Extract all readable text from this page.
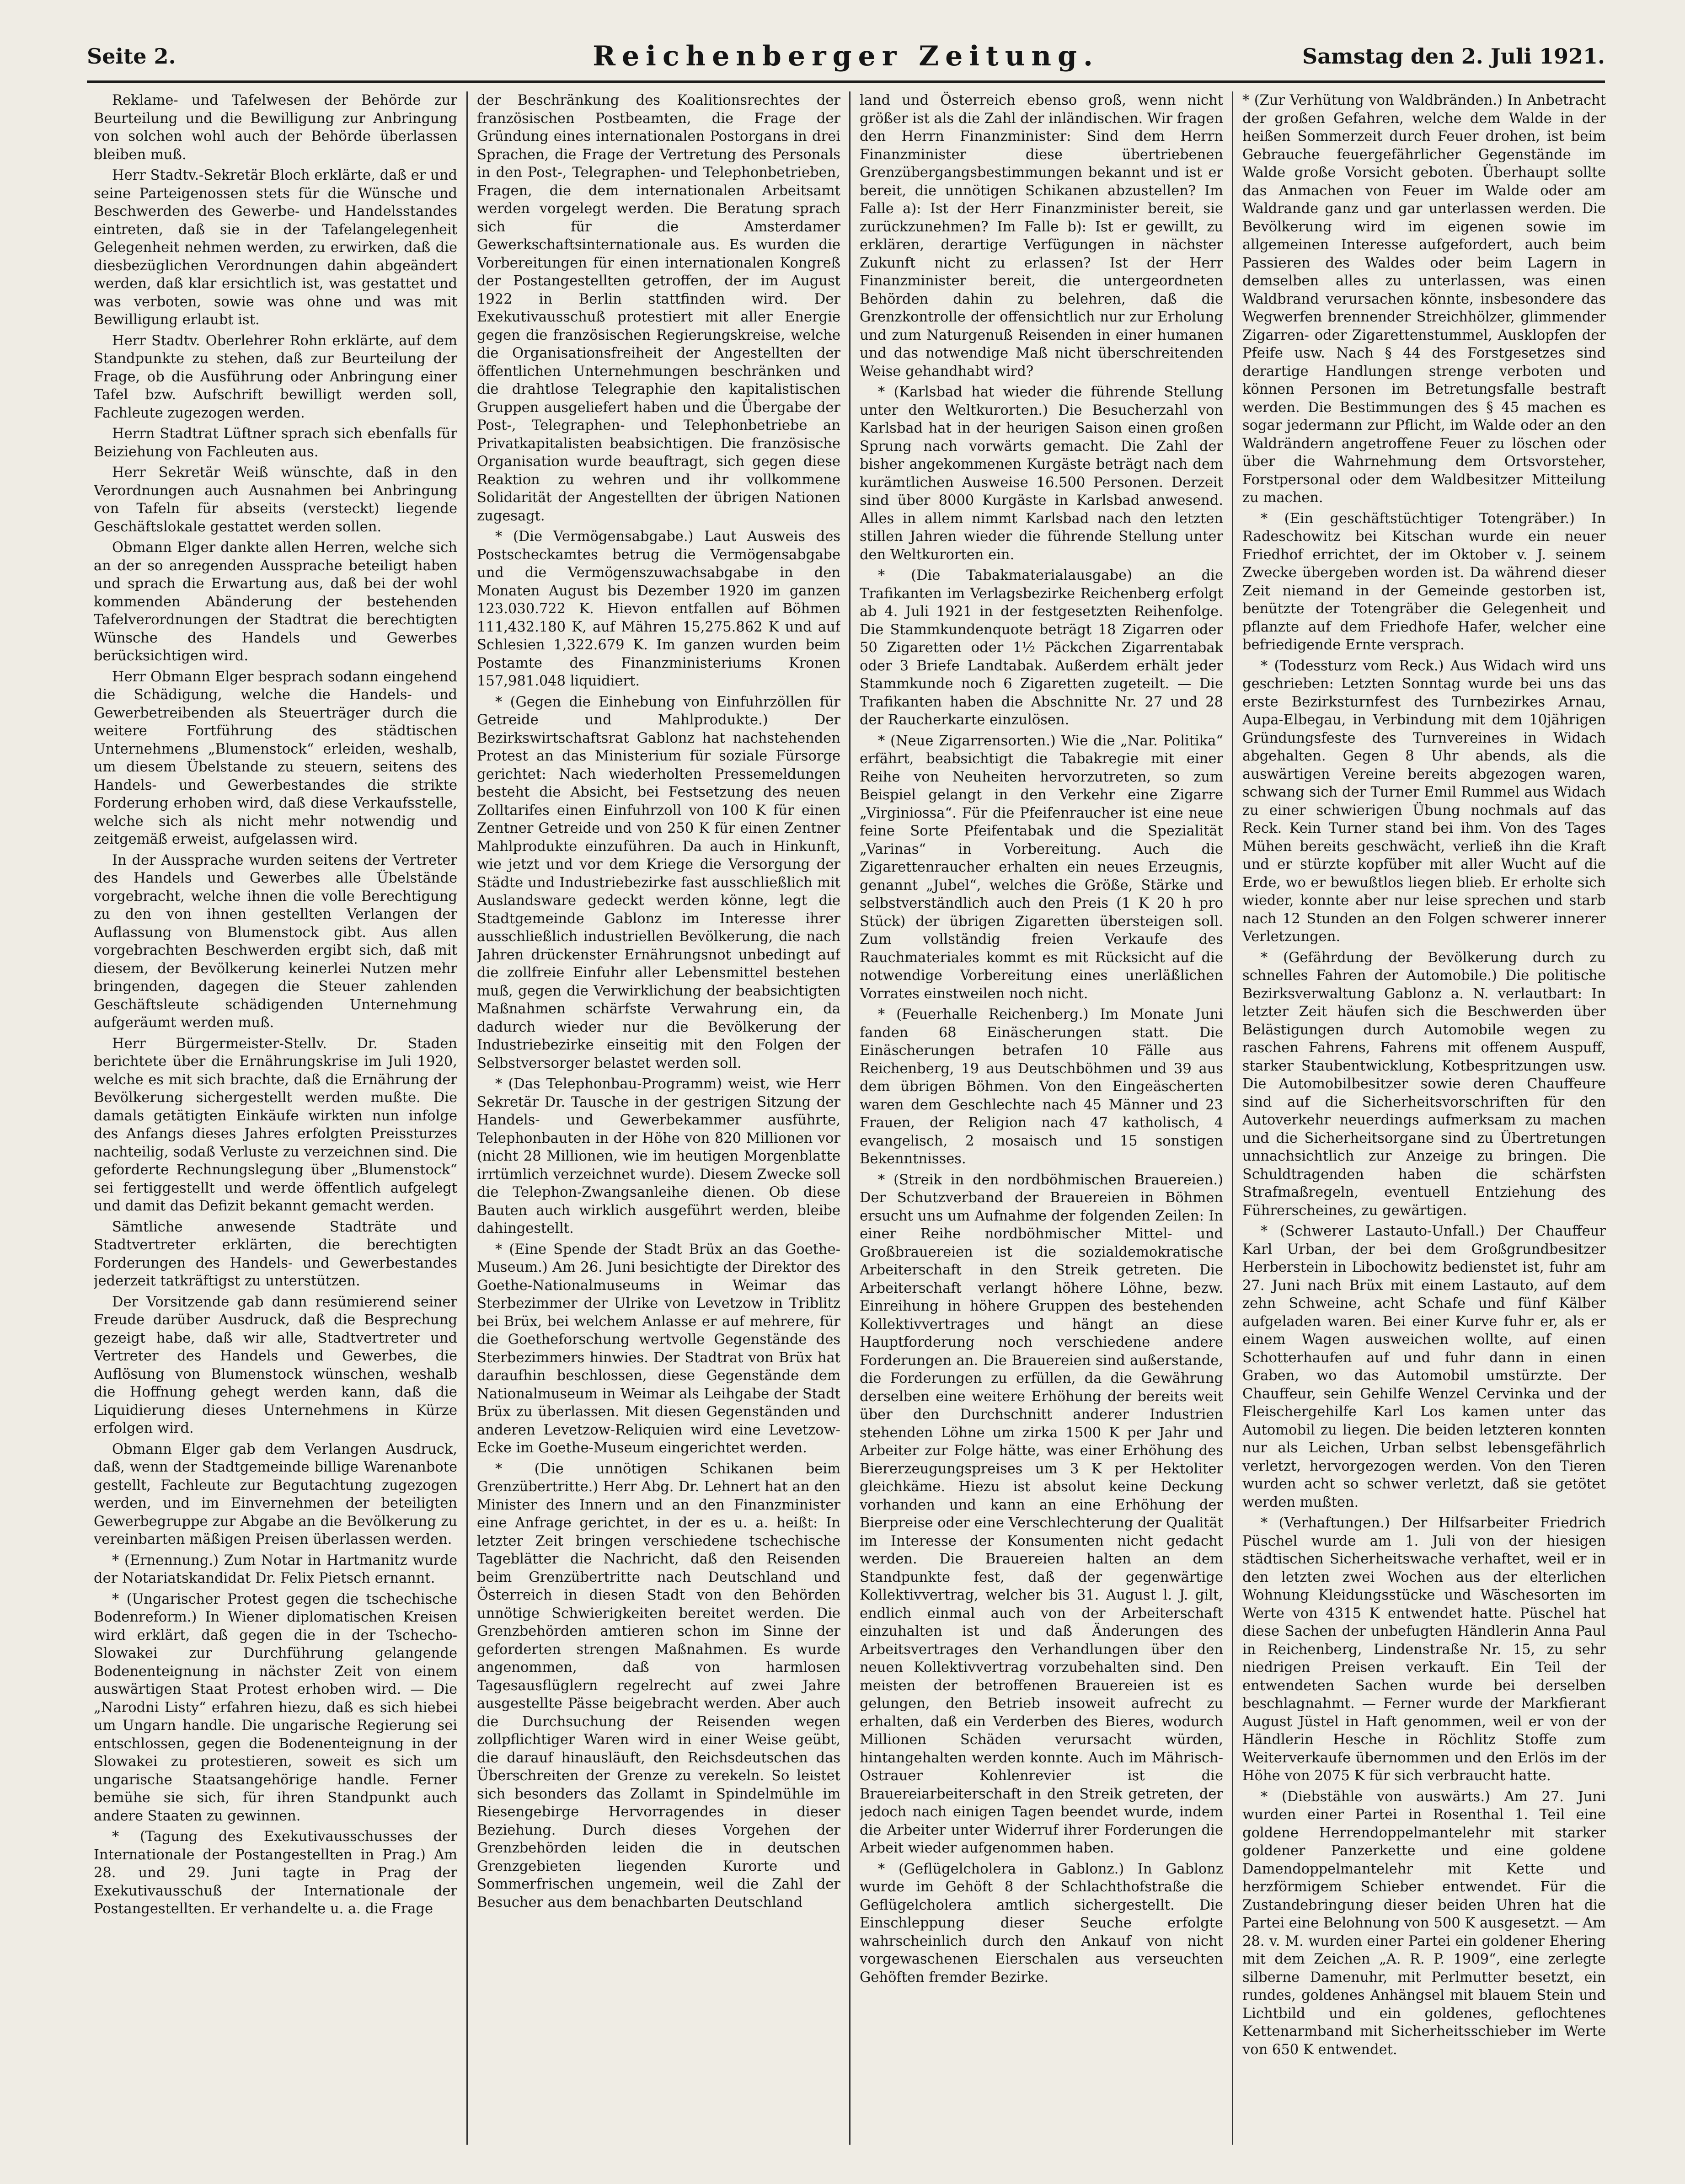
Seite 2.	Reichenberger Zeitung.	Samstag den 2. Juli 1921.

Reklame- und Tafelwesen der Behörde zur Beurteilung und die Bewilligung zur Anbringung von solchen wohl auch der Behörde überlassen bleiben muß.

Herr Stadtv.-Sekretär Bloch erklärte, daß er und seine Parteigenossen stets für die Wünsche und Beschwerden des Gewerbe- und Handelsstandes eintreten, daß sie in der Tafelangelegenheit Gelegenheit nehmen werden, zu erwirken, daß die diesbezüglichen Verordnungen dahin abgeändert werden, daß klar ersichtlich ist, was gestattet und was verboten, sowie was ohne und was mit Bewilligung erlaubt ist.

Herr Stadtv. Oberlehrer Rohn erklärte, auf dem Standpunkte zu stehen, daß zur Beurteilung der Frage, ob die Ausführung oder Anbringung einer Tafel bzw. Aufschrift bewilligt werden soll, Fachleute zugezogen werden.

Herrn Stadtrat Lüftner sprach sich ebenfalls für Beiziehung von Fachleuten aus.

Herr Sekretär Weiß wünschte, daß in den Verordnungen auch Ausnahmen bei Anbringung von Tafeln für abseits (versteckt) liegende Geschäftslokale gestattet werden sollen.

Obmann Elger dankte allen Herren, welche sich an der so anregenden Aussprache beteiligt haben und sprach die Erwartung aus, daß bei der wohl kommenden Abänderung der bestehenden Tafelverordnungen der Stadtrat die berechtigten Wünsche des Handels und Gewerbes berücksichtigen wird.

Herr Obmann Elger besprach sodann eingehend die Schädigung, welche die Handels- und Gewerbetreibenden als Steuerträger durch die weitere Fortführung des städtischen Unternehmens „Blumenstock“ erleiden, weshalb, um diesem Übelstande zu steuern, seitens des Handels- und Gewerbestandes die strikte Forderung erhoben wird, daß diese Verkaufsstelle, welche sich als nicht mehr notwendig und zeitgemäß erweist, aufgelassen wird.

In der Aussprache wurden seitens der Vertreter des Handels und Gewerbes alle Übelstände vorgebracht, welche ihnen die volle Berechtigung zu den von ihnen gestellten Verlangen der Auflassung von Blumenstock gibt. Aus allen vorgebrachten Beschwerden ergibt sich, daß mit diesem, der Bevölkerung keinerlei Nutzen mehr bringenden, dagegen die Steuer zahlenden Geschäftsleute schädigenden Unternehmung aufgeräumt werden muß.

Herr Bürgermeister-Stellv. Dr. Staden berichtete über die Ernährungskrise im Juli 1920, welche es mit sich brachte, daß die Ernährung der Bevölkerung sichergestellt werden mußte. Die damals getätigten Einkäufe wirkten nun infolge des Anfangs dieses Jahres erfolgten Preissturzes nachteilig, sodaß Verluste zu verzeichnen sind. Die geforderte Rechnungslegung über „Blumenstock“ sei fertiggestellt und werde öffentlich aufgelegt und damit das Defizit bekannt gemacht werden.

Sämtliche anwesende Stadträte und Stadtvertreter erklärten, die berechtigten Forderungen des Handels- und Gewerbestandes jederzeit tatkräftigst zu unterstützen.

Der Vorsitzende gab dann resümierend seiner Freude darüber Ausdruck, daß die Besprechung gezeigt habe, daß wir alle, Stadtvertreter und Vertreter des Handels und Gewerbes, die Auflösung von Blumenstock wünschen, weshalb die Hoffnung gehegt werden kann, daß die Liquidierung dieses Unternehmens in Kürze erfolgen wird.

Obmann Elger gab dem Verlangen Ausdruck, daß, wenn der Stadtgemeinde billige Warenanbote gestellt, Fachleute zur Begutachtung zugezogen werden, und im Einvernehmen der beteiligten Gewerbegruppe zur Abgabe an die Bevölkerung zu vereinbarten mäßigen Preisen überlassen werden.

* (Ernennung.) Zum Notar in Hartmanitz wurde der Notariatskandidat Dr. Felix Pietsch ernannt.

* (Ungarischer Protest gegen die tschechische Bodenreform.) In Wiener diplomatischen Kreisen wird erklärt, daß gegen die in der Tschecho-Slowakei zur Durchführung gelangende Bodenenteignung in nächster Zeit von einem auswärtigen Staat Protest erhoben wird. — Die „Narodni Listy“ erfahren hiezu, daß es sich hiebei um Ungarn handle. Die ungarische Regierung sei entschlossen, gegen die Bodenenteignung in der Slowakei zu protestieren, soweit es sich um ungarische Staatsangehörige handle. Ferner bemühe sie sich, für ihren Standpunkt auch andere Staaten zu gewinnen.

* (Tagung des Exekutivausschusses der Internationale der Postangestellten in Prag.) Am 28. und 29. Juni tagte in Prag der Exekutivausschuß der Internationale der Postangestellten. Er verhandelte u. a. die Frage

der Beschränkung des Koalitionsrechtes der französischen Postbeamten, die Frage der Gründung eines internationalen Postorgans in drei Sprachen, die Frage der Vertretung des Personals in den Post-, Telegraphen- und Telephonbetrieben, Fragen, die dem internationalen Arbeitsamt werden vorgelegt werden. Die Beratung sprach sich für die Amsterdamer Gewerkschaftsinternationale aus. Es wurden die Vorbereitungen für einen internationalen Kongreß der Postangestellten getroffen, der im August 1922 in Berlin stattfinden wird. Der Exekutivausschuß protestiert mit aller Energie gegen die französischen Regierungskreise, welche die Organisationsfreiheit der Angestellten der öffentlichen Unternehmungen beschränken und die drahtlose Telegraphie den kapitalistischen Gruppen ausgeliefert haben und die Übergabe der Post-, Telegraphen- und Telephonbetriebe an Privatkapitalisten beabsichtigen. Die französische Organisation wurde beauftragt, sich gegen diese Reaktion zu wehren und ihr vollkommene Solidarität der Angestellten der übrigen Nationen zugesagt.

* (Die Vermögensabgabe.) Laut Ausweis des Postscheckamtes betrug die Vermögensabgabe und die Vermögenszuwachsabgabe in den Monaten August bis Dezember 1920 im ganzen 123.030.722 K. Hievon entfallen auf Böhmen 111,432.180 K, auf Mähren 15,275.862 K und auf Schlesien 1,322.679 K. Im ganzen wurden beim Postamte des Finanzministeriums Kronen 157,981.048 liquidiert.

* (Gegen die Einhebung von Einfuhrzöllen für Getreide und Mahlprodukte.) Der Bezirkswirtschaftsrat Gablonz hat nachstehenden Protest an das Ministerium für soziale Fürsorge gerichtet: Nach wiederholten Pressemeldungen besteht die Absicht, bei Festsetzung des neuen Zolltarifes einen Einfuhrzoll von 100 K für einen Zentner Getreide und von 250 K für einen Zentner Mahlprodukte einzuführen. Da auch in Hinkunft, wie jetzt und vor dem Kriege die Versorgung der Städte und Industriebezirke fast ausschließlich mit Auslandsware gedeckt werden könne, legt die Stadtgemeinde Gablonz im Interesse ihrer ausschließlich industriellen Bevölkerung, die nach Jahren drückenster Ernährungsnot unbedingt auf die zollfreie Einfuhr aller Lebensmittel bestehen muß, gegen die Verwirklichung der beabsichtigten Maßnahmen schärfste Verwahrung ein, da dadurch wieder nur die Bevölkerung der Industriebezirke einseitig mit den Folgen der Selbstversorger belastet werden soll.

* (Das Telephonbau-Programm) weist, wie Herr Sekretär Dr. Tausche in der gestrigen Sitzung der Handels- und Gewerbekammer ausführte, Telephonbauten in der Höhe von 820 Millionen vor (nicht 28 Millionen, wie im heutigen Morgenblatte irrtümlich verzeichnet wurde). Diesem Zwecke soll die Telephon-Zwangsanleihe dienen. Ob diese Bauten auch wirklich ausgeführt werden, bleibe dahingestellt.

* (Eine Spende der Stadt Brüx an das Goethe-Museum.) Am 26. Juni besichtigte der Direktor des Goethe-Nationalmuseums in Weimar das Sterbezimmer der Ulrike von Levetzow in Triblitz bei Brüx, bei welchem Anlasse er auf mehrere, für die Goetheforschung wertvolle Gegenstände des Sterbezimmers hinwies. Der Stadtrat von Brüx hat daraufhin beschlossen, diese Gegenstände dem Nationalmuseum in Weimar als Leihgabe der Stadt Brüx zu überlassen. Mit diesen Gegenständen und anderen Levetzow-Reliquien wird eine Levetzow-Ecke im Goethe-Museum eingerichtet werden.

* (Die unnötigen Schikanen beim Grenzübertritte.) Herr Abg. Dr. Lehnert hat an den Minister des Innern und an den Finanzminister eine Anfrage gerichtet, in der es u. a. heißt: In letzter Zeit bringen verschiedene tschechische Tageblätter die Nachricht, daß den Reisenden beim Grenzübertritte nach Deutschland und Österreich in diesen Stadt von den Behörden unnötige Schwierigkeiten bereitet werden. Die Grenzbehörden amtieren schon im Sinne der geforderten strengen Maßnahmen. Es wurde angenommen, daß von harmlosen Tagesausflüglern regelrecht auf zwei Jahre ausgestellte Pässe beigebracht werden. Aber auch die Durchsuchung der Reisenden wegen zollpflichtiger Waren wird in einer Weise geübt, die darauf hinausläuft, den Reichsdeutschen das Überschreiten der Grenze zu verekeln. So leistet sich besonders das Zollamt in Spindelmühle im Riesengebirge Hervorragendes in dieser Beziehung. Durch dieses Vorgehen der Grenzbehörden leiden die in deutschen Grenzgebieten liegenden Kurorte und Sommerfrischen ungemein, weil die Zahl der Besucher aus dem benachbarten Deutschland

land und Österreich ebenso groß, wenn nicht größer ist als die Zahl der inländischen. Wir fragen den Herrn Finanzminister: Sind dem Herrn Finanzminister diese übertriebenen Grenzübergangsbestimmungen bekannt und ist er bereit, die unnötigen Schikanen abzustellen? Im Falle a): Ist der Herr Finanzminister bereit, sie zurückzunehmen? Im Falle b): Ist er gewillt, zu erklären, derartige Verfügungen in nächster Zukunft nicht zu erlassen? Ist der Herr Finanzminister bereit, die untergeordneten Behörden dahin zu belehren, daß die Grenzkontrolle der offensichtlich nur zur Erholung und zum Naturgenuß Reisenden in einer humanen und das notwendige Maß nicht überschreitenden Weise gehandhabt wird?

* (Karlsbad hat wieder die führende Stellung unter den Weltkurorten.) Die Besucherzahl von Karlsbad hat in der heurigen Saison einen großen Sprung nach vorwärts gemacht. Die Zahl der bisher angekommenen Kurgäste beträgt nach dem kurämtlichen Ausweise 16.500 Personen. Derzeit sind über 8000 Kurgäste in Karlsbad anwesend. Alles in allem nimmt Karlsbad nach den letzten stillen Jahren wieder die führende Stellung unter den Weltkurorten ein.

* (Die Tabakmaterialausgabe) an die Trafikanten im Verlagsbezirke Reichenberg erfolgt ab 4. Juli 1921 in der festgesetzten Reihenfolge. Die Stammkundenquote beträgt 18 Zigarren oder 50 Zigaretten oder 1½ Päckchen Zigarrentabak oder 3 Briefe Landtabak. Außerdem erhält jeder Stammkunde noch 6 Zigaretten zugeteilt. — Die Trafikanten haben die Abschnitte Nr. 27 und 28 der Raucherkarte einzulösen.

* (Neue Zigarrensorten.) Wie die „Nar. Politika“ erfährt, beabsichtigt die Tabakregie mit einer Reihe von Neuheiten hervorzutreten, so zum Beispiel gelangt in den Verkehr eine Zigarre „Virginiossa“. Für die Pfeifenraucher ist eine neue feine Sorte Pfeifentabak und die Spezialität „Varinas“ in Vorbereitung. Auch die Zigarettenraucher erhalten ein neues Erzeugnis, genannt „Jubel“, welches die Größe, Stärke und selbstverständlich auch den Preis (1 K 20 h pro Stück) der übrigen Zigaretten übersteigen soll. Zum vollständig freien Verkaufe des Rauchmateriales kommt es mit Rücksicht auf die notwendige Vorbereitung eines unerläßlichen Vorrates einstweilen noch nicht.

* (Feuerhalle Reichenberg.) Im Monate Juni fanden 68 Einäscherungen statt. Die Einäscherungen betrafen 10 Fälle aus Reichenberg, 19 aus Deutschböhmen und 39 aus dem übrigen Böhmen. Von den Eingeäscherten waren dem Geschlechte nach 45 Männer und 23 Frauen, der Religion nach 47 katholisch, 4 evangelisch, 2 mosaisch und 15 sonstigen Bekenntnisses.

* (Streik in den nordböhmischen Brauereien.) Der Schutzverband der Brauereien in Böhmen ersucht uns um Aufnahme der folgenden Zeilen: In einer Reihe nordböhmischer Mittel- und Großbrauereien ist die sozialdemokratische Arbeiterschaft in den Streik getreten. Die Arbeiterschaft verlangt höhere Löhne, bezw. Einreihung in höhere Gruppen des bestehenden Kollektivvertrages und hängt an diese Hauptforderung noch verschiedene andere Forderungen an. Die Brauereien sind außerstande, die Forderungen zu erfüllen, da die Gewährung derselben eine weitere Erhöhung der bereits weit über den Durchschnitt anderer Industrien stehenden Löhne um zirka 1500 K per Jahr und Arbeiter zur Folge hätte, was einer Erhöhung des Biererzeugungspreises um 3 K per Hektoliter gleichkäme. Hiezu ist absolut keine Deckung vorhanden und kann an eine Erhöhung der Bierpreise oder eine Verschlechterung der Qualität im Interesse der Konsumenten nicht gedacht werden. Die Brauereien halten an dem Standpunkte fest, daß der gegenwärtige Kollektivvertrag, welcher bis 31. August l. J. gilt, endlich einmal auch von der Arbeiterschaft einzuhalten ist und daß Änderungen des Arbeitsvertrages den Verhandlungen über den neuen Kollektivvertrag vorzubehalten sind. Den meisten der betroffenen Brauereien ist es gelungen, den Betrieb insoweit aufrecht zu erhalten, daß ein Verderben des Bieres, wodurch Millionen Schäden verursacht würden, hintangehalten werden konnte. Auch im Mährisch-Ostrauer Kohlenrevier ist die Brauereiarbeiterschaft in den Streik getreten, der jedoch nach einigen Tagen beendet wurde, indem die Arbeiter unter Widerruf ihrer Forderungen die Arbeit wieder aufgenommen haben.

* (Geflügelcholera in Gablonz.) In Gablonz wurde im Gehöft 8 der Schlachthofstraße die Geflügelcholera amtlich sichergestellt. Die Einschleppung dieser Seuche erfolgte wahrscheinlich durch den Ankauf von nicht vorgewaschenen Eierschalen aus verseuchten Gehöften fremder Bezirke.

* (Zur Verhütung von Waldbränden.) In Anbetracht der großen Gefahren, welche dem Walde in der heißen Sommerzeit durch Feuer drohen, ist beim Gebrauche feuergefährlicher Gegenstände im Walde große Vorsicht geboten. Überhaupt sollte das Anmachen von Feuer im Walde oder am Waldrande ganz und gar unterlassen werden. Die Bevölkerung wird im eigenen sowie im allgemeinen Interesse aufgefordert, auch beim Passieren des Waldes oder beim Lagern in demselben alles zu unterlassen, was einen Waldbrand verursachen könnte, insbesondere das Wegwerfen brennender Streichhölzer, glimmender Zigarren- oder Zigarettenstummel, Ausklopfen der Pfeife usw. Nach § 44 des Forstgesetzes sind derartige Handlungen strenge verboten und können Personen im Betretungsfalle bestraft werden. Die Bestimmungen des § 45 machen es sogar jedermann zur Pflicht, im Walde oder an den Waldrändern angetroffene Feuer zu löschen oder über die Wahrnehmung dem Ortsvorsteher, Forstpersonal oder dem Waldbesitzer Mitteilung zu machen.

* (Ein geschäftstüchtiger Totengräber.) In Radeschowitz bei Kitschan wurde ein neuer Friedhof errichtet, der im Oktober v. J. seinem Zwecke übergeben worden ist. Da während dieser Zeit niemand in der Gemeinde gestorben ist, benützte der Totengräber die Gelegenheit und pflanzte auf dem Friedhofe Hafer, welcher eine befriedigende Ernte versprach.

* (Todessturz vom Reck.) Aus Widach wird uns geschrieben: Letzten Sonntag wurde bei uns das erste Bezirksturnfest des Turnbezirkes Arnau, Aupa-Elbegau, in Verbindung mit dem 10jährigen Gründungsfeste des Turnvereines in Widach abgehalten. Gegen 8 Uhr abends, als die auswärtigen Vereine bereits abgezogen waren, schwang sich der Turner Emil Rummel aus Widach zu einer schwierigen Übung nochmals auf das Reck. Kein Turner stand bei ihm. Von des Tages Mühen bereits geschwächt, verließ ihn die Kraft und er stürzte kopfüber mit aller Wucht auf die Erde, wo er bewußtlos liegen blieb. Er erholte sich wieder, konnte aber nur leise sprechen und starb nach 12 Stunden an den Folgen schwerer innerer Verletzungen.

* (Gefährdung der Bevölkerung durch zu schnelles Fahren der Automobile.) Die politische Bezirksverwaltung Gablonz a. N. verlautbart: In letzter Zeit häufen sich die Beschwerden über Belästigungen durch Automobile wegen zu raschen Fahrens, Fahrens mit offenem Auspuff, starker Staubentwicklung, Kotbespritzungen usw. Die Automobilbesitzer sowie deren Chauffeure sind auf die Sicherheitsvorschriften für den Autoverkehr neuerdings aufmerksam zu machen und die Sicherheitsorgane sind zu Übertretungen unnachsichtlich zur Anzeige zu bringen. Die Schuldtragenden haben die schärfsten Strafmaßregeln, eventuell Entziehung des Führerscheines, zu gewärtigen.

* (Schwerer Lastauto-Unfall.) Der Chauffeur Karl Urban, der bei dem Großgrundbesitzer Herberstein in Libochowitz bedienstet ist, fuhr am 27. Juni nach Brüx mit einem Lastauto, auf dem zehn Schweine, acht Schafe und fünf Kälber aufgeladen waren. Bei einer Kurve fuhr er, als er einem Wagen ausweichen wollte, auf einen Schotterhaufen auf und fuhr dann in einen Graben, wo das Automobil umstürzte. Der Chauffeur, sein Gehilfe Wenzel Cervinka und der Fleischergehilfe Karl Los kamen unter das Automobil zu liegen. Die beiden letzteren konnten nur als Leichen, Urban selbst lebensgefährlich verletzt, hervorgezogen werden. Von den Tieren wurden acht so schwer verletzt, daß sie getötet werden mußten.

* (Verhaftungen.) Der Hilfsarbeiter Friedrich Püschel wurde am 1. Juli von der hiesigen städtischen Sicherheitswache verhaftet, weil er in den letzten zwei Wochen aus der elterlichen Wohnung Kleidungsstücke und Wäschesorten im Werte von 4315 K entwendet hatte. Püschel hat diese Sachen der unbefugten Händlerin Anna Paul in Reichenberg, Lindenstraße Nr. 15, zu sehr niedrigen Preisen verkauft. Ein Teil der entwendeten Sachen wurde bei derselben beschlagnahmt. — Ferner wurde der Markfierant August Jüstel in Haft genommen, weil er von der Händlerin Hesche in Röchlitz Stoffe zum Weiterverkaufe übernommen und den Erlös im der Höhe von 2075 K für sich verbraucht hatte.

* (Diebstähle von auswärts.) Am 27. Juni wurden einer Partei in Rosenthal 1. Teil eine goldene Herrendoppelmantelehr mit starker goldener Panzerkette und eine goldene Damendoppelmantelehr mit Kette und herzförmigem Schieber entwendet. Für die Zustandebringung dieser beiden Uhren hat die Partei eine Belohnung von 500 K ausgesetzt. — Am 28. v. M. wurden einer Partei ein goldener Ehering mit dem Zeichen „A. R. P. 1909“, eine zerlegte silberne Damenuhr, mit Perlmutter besetzt, ein rundes, goldenes Anhängsel mit blauem Stein und Lichtbild und ein goldenes, geflochtenes Kettenarmband mit Sicherheitsschieber im Werte von 650 K entwendet.
